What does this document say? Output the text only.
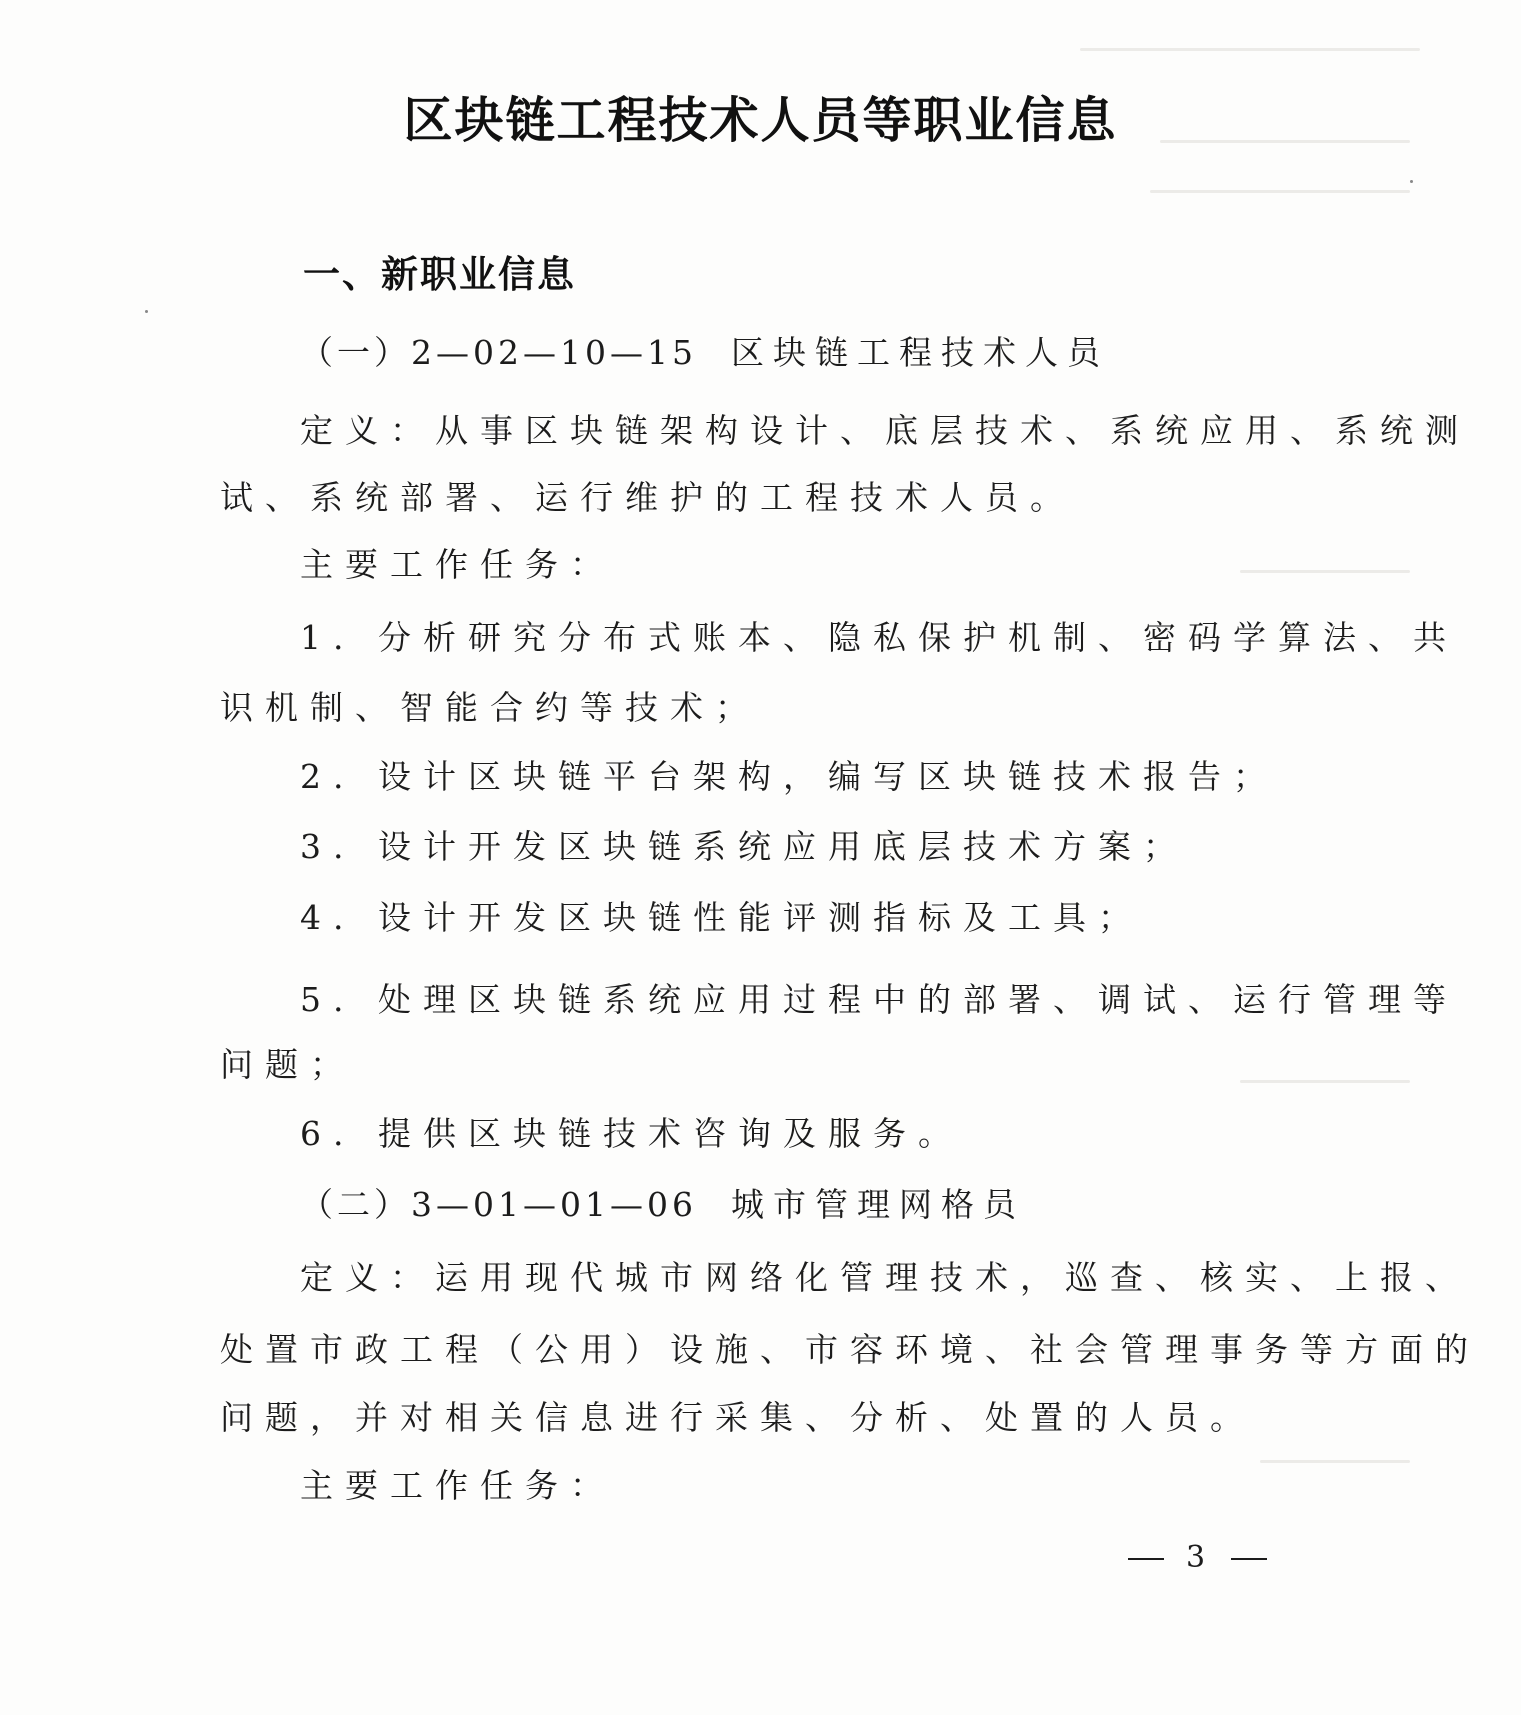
区块链工程技术人员等职业信息
一、新职业信息
（一）2—02—10—15 区块链工程技术人员
定义：从事区块链架构设计、底层技术、系统应用、系统测
试、系统部署、运行维护的工程技术人员。
主要工作任务：
1. 分析研究分布式账本、隐私保护机制、密码学算法、共
识机制、智能合约等技术；
2. 设计区块链平台架构，编写区块链技术报告；
3. 设计开发区块链系统应用底层技术方案；
4. 设计开发区块链性能评测指标及工具；
5. 处理区块链系统应用过程中的部署、调试、运行管理等
问题；
6. 提供区块链技术咨询及服务。
（二）3—01—01—06 城市管理网格员
定义：运用现代城市网络化管理技术，巡查、核实、上报、
处置市政工程（公用）设施、市容环境、社会管理事务等方面的
问题，并对相关信息进行采集、分析、处置的人员。
主要工作任务：
3
